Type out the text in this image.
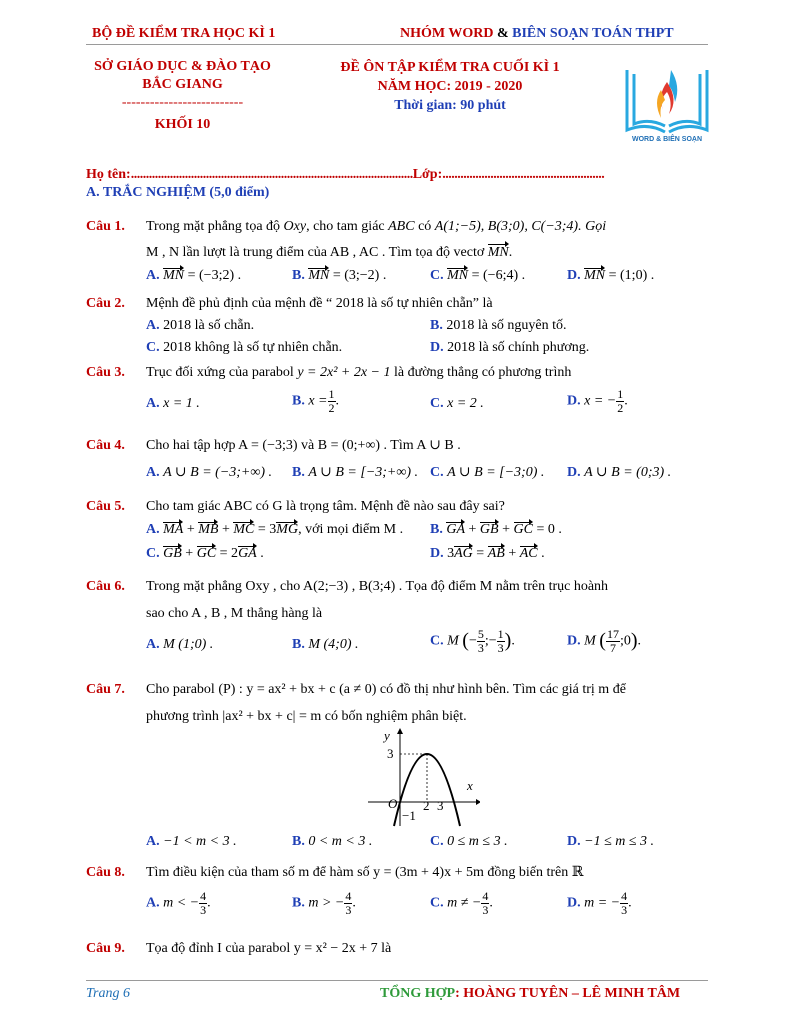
BỘ ĐỀ KIỂM TRA HỌC KÌ 1	NHÓM WORD & BIÊN SOẠN TOÁN THPT
SỞ GIÁO DỤC & ĐÀO TẠO
BẮC GIANG
--------------------------
KHỐI 10
ĐỀ ÔN TẬP KIỂM TRA CUỐI KÌ 1
NĂM HỌC: 2019 - 2020
Thời gian: 90 phút
WORD & BIÊN SOẠN
Họ tên:..............................................................................................Lớp:......................................................
A. TRẮC NGHIỆM (5,0 điểm)
Câu 1. Trong mặt phẳng tọa độ Oxy, cho tam giác ABC có A(1;−5), B(3;0), C(−3;4). Gọi
M , N lần lượt là trung điểm của AB , AC . Tìm tọa độ vectơ MN.
A. MN = (−3;2) .	B. MN = (3;−2) .	C. MN = (−6;4) .	D. MN = (1;0) .
Câu 2. Mệnh đề phủ định của mệnh đề “ 2018 là số tự nhiên chẵn” là
A. 2018 là số chẵn.	B. 2018 là số nguyên tố.
C. 2018 không là số tự nhiên chẵn.	D. 2018 là số chính phương.
Câu 3. Trục đối xứng của parabol y = 2x² + 2x − 1 là đường thẳng có phương trình
A. x = 1 .	B. $x = \frac{1}{2}$ .	C. x = 2 .	D. x = − $\frac{1}{2}$ .
Câu 4. Cho hai tập hợp A = (−3;3) và B = (0;+∞) . Tìm A ∪ B .
A. A ∪ B = (−3;+∞) . B. A ∪ B = [−3;+∞) . C. A ∪ B = [−3;0) . D. A ∪ B = (0;3) .
Câu 5. Cho tam giác ABC có G là trọng tâm. Mệnh đề nào sau đây sai?
A. MA + MB + MC = 3MG, với mọi điểm M . B. GA + GB + GC = 0 .
C. GB + GC = 2GA .	D. 3AG = AB + AC .
Câu 6. Trong mặt phẳng Oxy , cho A(2;−3) , B(3;4) . Tọa độ điểm M nằm trên trục hoành
sao cho A , B , M thẳng hàng là
A. M (1;0) .	B. M (4;0) .	C. M (− $\frac{5}{3}$ ;− $\frac{1}{3}$ ).	D. M ( $\frac{17}{7}$ ;0).
Câu 7. Cho parabol (P) : y = ax² + bx + c (a ≠ 0) có đồ thị như hình bên. Tìm các giá trị m để
phương trình |ax² + bx + c| = m có bốn nghiệm phân biệt.
y
x
3
O
−1
2 3
A. −1 < m < 3 .	B. 0 < m < 3 .	C. 0 ≤ m ≤ 3 .	D. −1 ≤ m ≤ 3 .
Câu 8. Tìm điều kiện của tham số m để hàm số y = (3m + 4)x + 5m đồng biến trên ℝ
A. m < − $\frac{4}{3}$ .	B. m > − $\frac{4}{3}$ .	C. m ≠ − $\frac{4}{3}$ .	D. m = − $\frac{4}{3}$ .
Câu 9. Tọa độ đỉnh I của parabol y = x² − 2x + 7 là
Trang 6	TỔNG HỢP: HOÀNG TUYÊN – LÊ MINH TÂM
